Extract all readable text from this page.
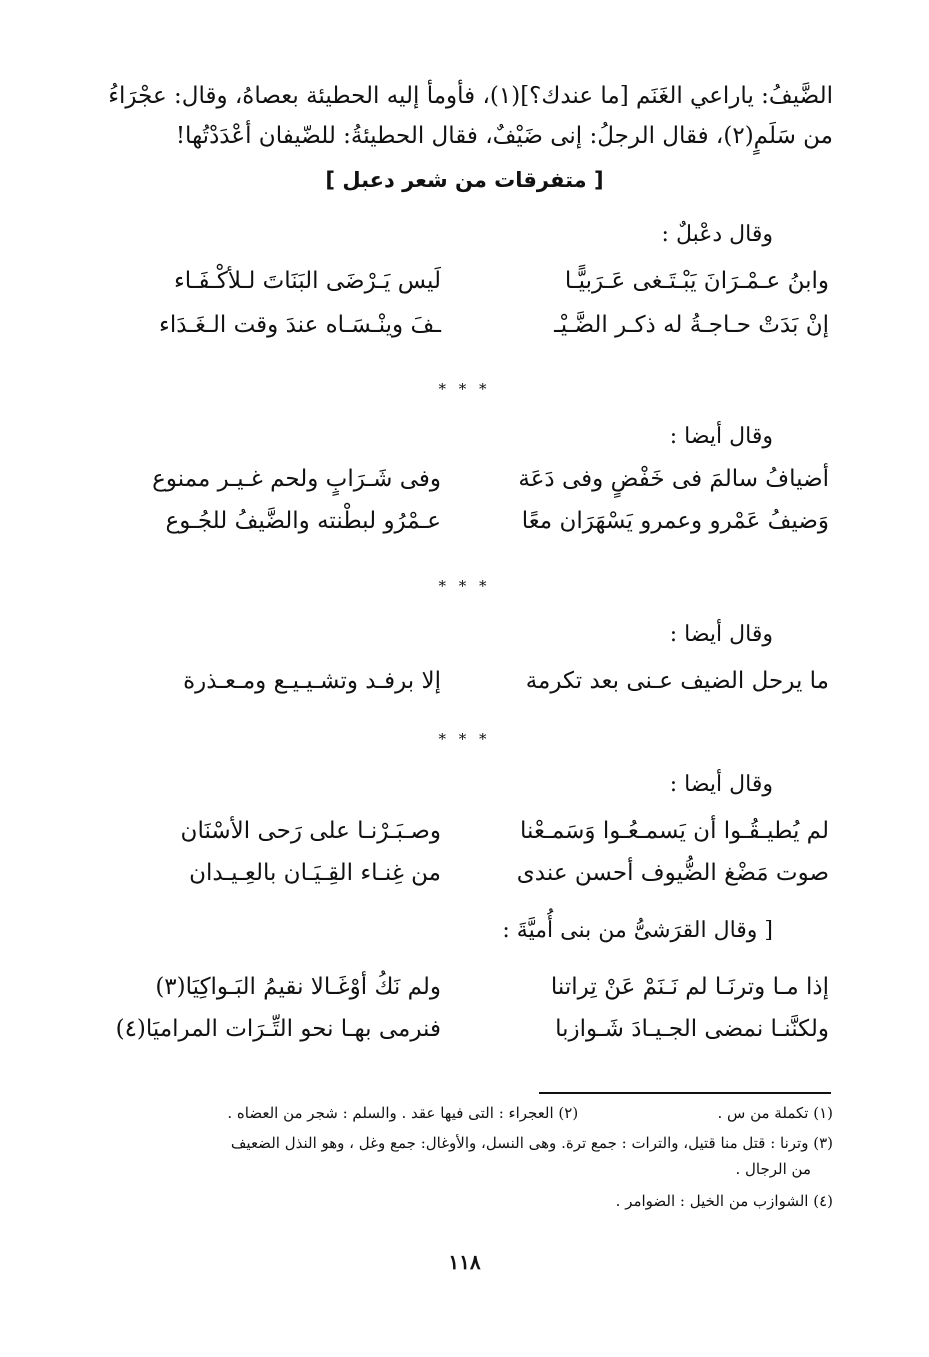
الضَّيفُ: ياراعي الغَنَم [ما عندك؟](١)، فأومأ إليه الحطيئة بعصاهُ، وقال: عجْرَاءُ

من سَلَمٍ(٢)، فقال الرجلُ: إنى ضَيْفٌ، فقال الحطيئةُ: للضّيفان أعْدَدْتُها!

[ متفرقات من شعر دعبل ]
وقال دعْبلٌ :
وابنُ عـمْـرَانَ يَبْـتَـغى عَـرَبيًّـا
لَيس يَـرْضَى البَنَاتَ لـلأكْـفَـاء
إنْ بَدَتْ حـاجـةُ له ذكـر الضَّـيْـ
ـفَ وينْـسَـاه عندَ وقت الـغَـدَاء
* * *
وقال أيضا :
أضيافُ سالمَ فى خَفْضٍ وفى دَعَة
وفى شَـرَابٍ ولحم غـيـر ممنوع
وَضيفُ عَمْرو وعمرو يَسْهَرَان معًا
عـمْرُو لبطْنته والضَّيفُ للجُـوع
* * *
وقال أيضا :
ما يرحل الضيف عـنى بعد تكرمة
إلا برفـد وتشـيـيـع ومـعـذرة
* * *
وقال أيضا :
لم يُطيـقُـوا أن يَسمـعُـوا وَسَمـعْنا
وصـبَـرْنـا على رَحى الأسْنَان
صوت مَضْغ الضُّيوف أحسن عندى
من غِنـاء القِـيَـان بالعِـيـدان
[ وقال القرَشىُّ من بنى أُميَّةَ :
إذا مـا وترنَـا لم نَـنَمْ عَنْ تِراتنا
ولم نَكُ أوْغَـالا نقيمُ البَـواكِيَا(٣)
ولكنَّنـا نمضى الجـيـادَ شَـوازبا
فنرمى بهـا نحو التِّـرَات المراميَا(٤)
(١) تكملة من س . (٢) العجراء : التى فيها عقد . والسلم : شجر من العضاه .
(٣) وترنا : قتل منا قتيل، والترات : جمع ترة. وهى النسل، والأوغال: جمع وغل ، وهو النذل الضعيف
من الرجال .
(٤) الشوازب من الخيل : الضوامر .
١١٨
